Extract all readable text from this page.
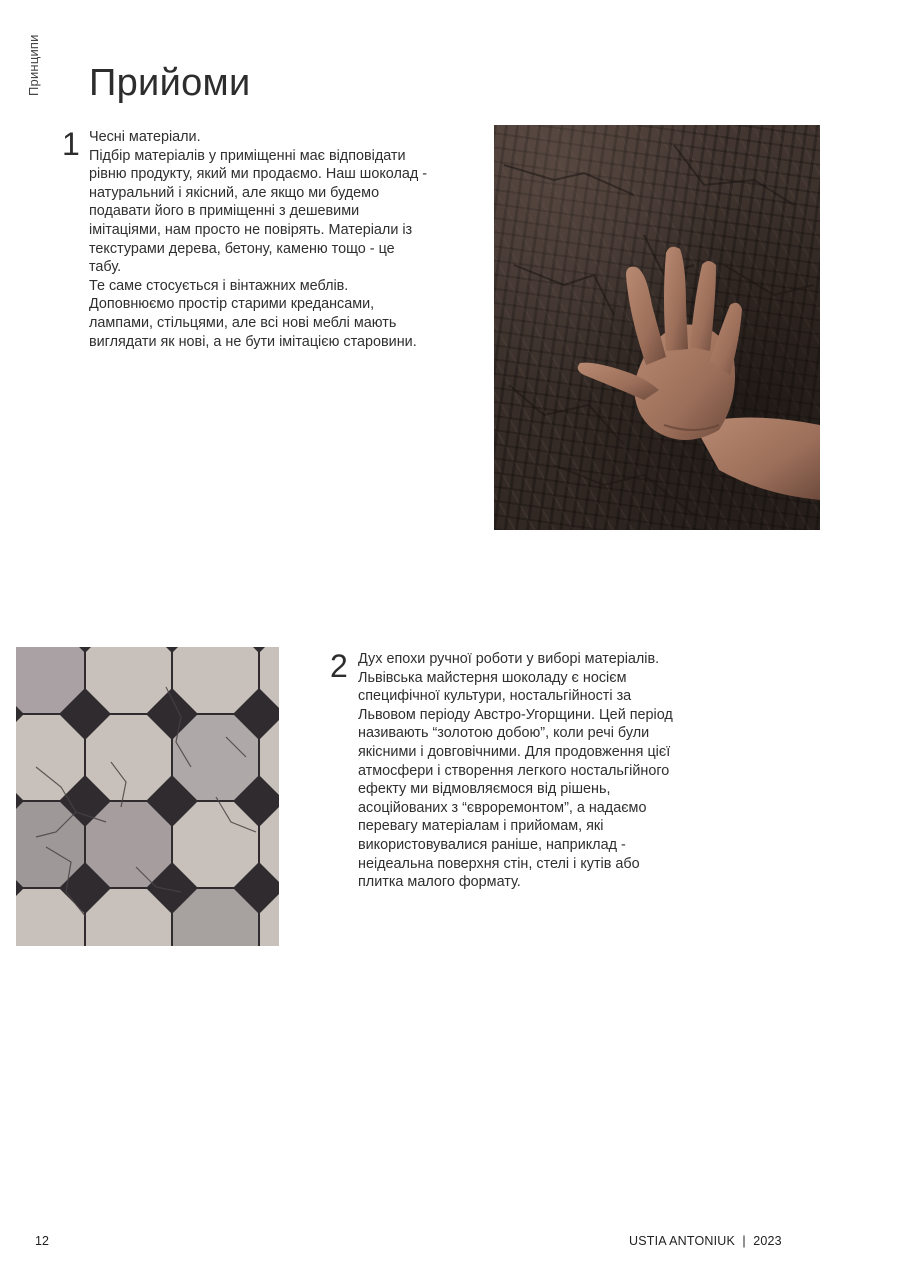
Принципи Прийоми
1 Чесні матеріали.
Підбір матеріалів у приміщенні має відповідати рівню продукту, який ми продаємо. Наш шоколад - натуральний і якісний, але якщо ми будемо подавати його в приміщенні з дешевими імітаціями, нам просто не повірять. Матеріали із текстурами дерева, бетону, каменю тощо - це табу.
Те саме стосується і вінтажних меблів. Доповнюємо простір старими кредансами, лампами, стільцями, але всі нові меблі мають виглядати як нові, а не бути імітацією старовини.
2 Дух епохи ручної роботи у виборі матеріалів.
Львівська майстерня шоколаду є носієм специфічної культури, ностальгійності за Львовом періоду Австро-Угорщини. Цей період називають “золотою добою”, коли речі були якісними і довговічними. Для продовження цієї атмосфери і створення легкого ностальгійного ефекту ми відмовляємося від рішень, асоційованих з “євроремонтом”, а надаємо перевагу матеріалам і прийомам, які використовувалися раніше, наприклад - неідеальна поверхня стін, стелі і кутів або плитка малого формату.
12	USTIA ANTONIUK  |  2023
